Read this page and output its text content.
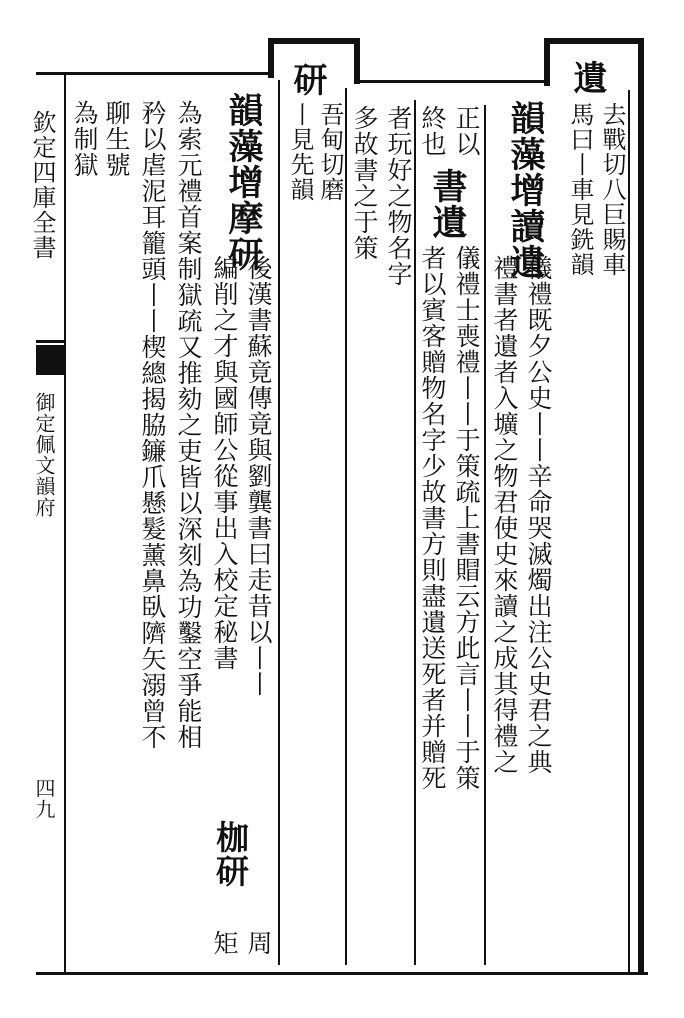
欽定四庫全書
御定佩文韻府
四九
遺
去戰切八巨賜車
馬曰丨車見銑韻
韻藻增讀遺
儀禮既夕公史丨丨辛命哭滅燭出注公史君之典
禮書者遺者入壙之物君使史來讀之成其得禮之
正以
書遺
儀禮士喪禮丨丨于策疏上書賵云方此言丨丨于策
終也
者以賓客贈物名字少故書方則盡遺送死者并贈死
者玩好之物名字
多故書之于策
研
吾甸切磨
丨見先韻
韻藻增摩研
後漢書蘇竟傳竟與劉龔書曰走昔以丨丨
編削之才與國師公從事出入校定秘書
枷研
周
為索元禮首案制獄疏又推劾之吏皆以深刻為功鑿空爭能相
矩
矜以虐泥耳籠頭丨丨楔總揭脇䥥爪懸髮薰鼻臥隮矢溺曾不
聊生號
為制獄
